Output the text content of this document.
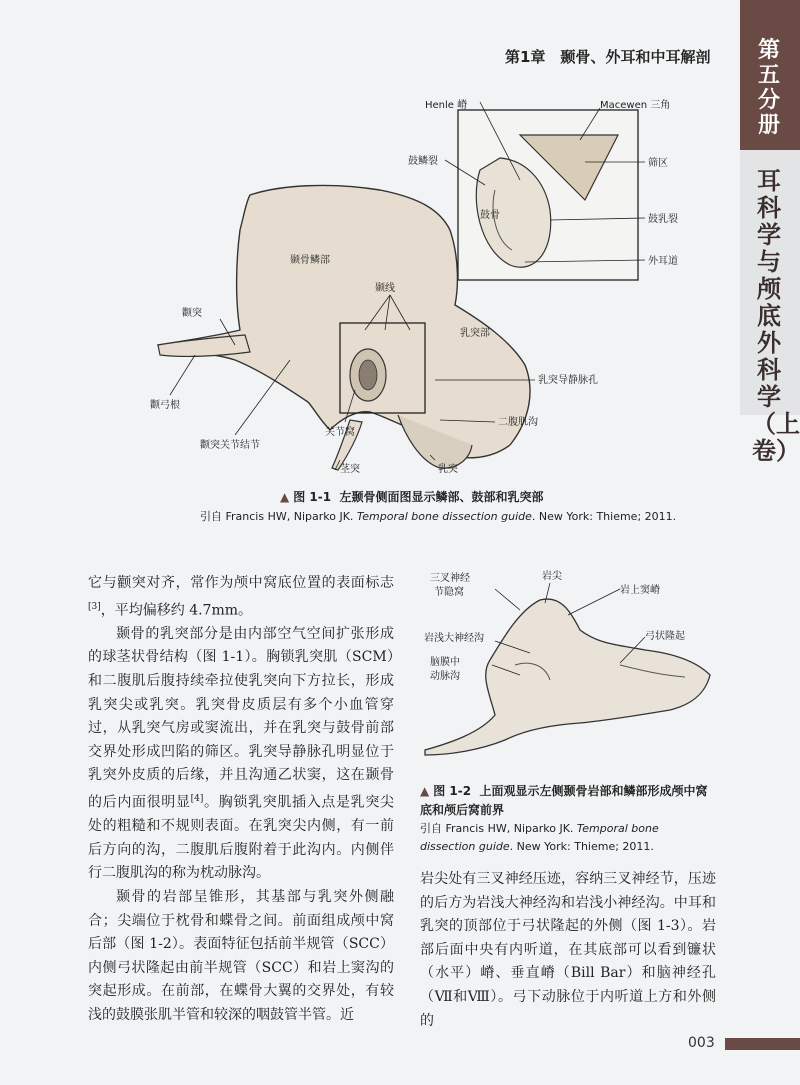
第五分册
耳科学与颅底外科学（上卷）
第1章　颞骨、外耳和中耳解剖
Henle 嵴	Macewen 三角
鼓鳞裂	筛区
鼓骨	鼓乳裂
外耳道
颞骨鳞部
颞线
颧突
乳突部
乳突导静脉孔
颧弓根
二腹肌沟
关节窝
颧突关节结节
茎突	乳突
▲ 图 1-1 左颞骨侧面图显示鳞部、鼓部和乳突部
引自 Francis HW, Niparko JK. Temporal bone dissection guide. New York: Thieme; 2011.

它与颧突对齐，常作为颅中窝底位置的表面标志[3]，平均偏移约 4.7mm。

颞骨的乳突部分是由内部空气空间扩张形成的球茎状骨结构（图 1-1）。胸锁乳突肌（SCM）和二腹肌后腹持续牵拉使乳突向下方拉长，形成乳突尖或乳突。乳突骨皮质层有多个小血管穿过，从乳突气房或窦流出，并在乳突与鼓骨前部交界处形成凹陷的筛区。乳突导静脉孔明显位于乳突外皮质的后缘，并且沟通乙状窦，这在颞骨的后内面很明显[4]。胸锁乳突肌插入点是乳突尖处的粗糙和不规则表面。在乳突尖内侧，有一前后方向的沟，二腹肌后腹附着于此沟内。内侧伴行二腹肌沟的称为枕动脉沟。

颞骨的岩部呈锥形，其基部与乳突外侧融合；尖端位于枕骨和蝶骨之间。前面组成颅中窝后部（图 1-2）。表面特征包括前半规管（SCC）内侧弓状隆起由前半规管（SCC）和岩上窦沟的突起形成。在前部，在蝶骨大翼的交界处，有较浅的鼓膜张肌半管和较深的咽鼓管半管。近

三叉神经
节隐窝
岩尖
岩上窦嵴
岩浅大神经沟	弓状隆起
脑膜中
动脉沟
▲ 图 1-2 上面观显示左侧颞骨岩部和鳞部形成颅中窝底和颅后窝前界
引自 Francis HW, Niparko JK. Temporal bone dissection guide. New York: Thieme; 2011.

岩尖处有三叉神经压迹，容纳三叉神经节，压迹的后方为岩浅大神经沟和岩浅小神经沟。中耳和乳突的顶部位于弓状隆起的外侧（图 1-3）。岩部后面中央有内听道，在其底部可以看到镰状（水平）嵴、垂直嵴（Bill Bar）和脑神经孔（Ⅶ和Ⅷ）。弓下动脉位于内听道上方和外侧的

003
